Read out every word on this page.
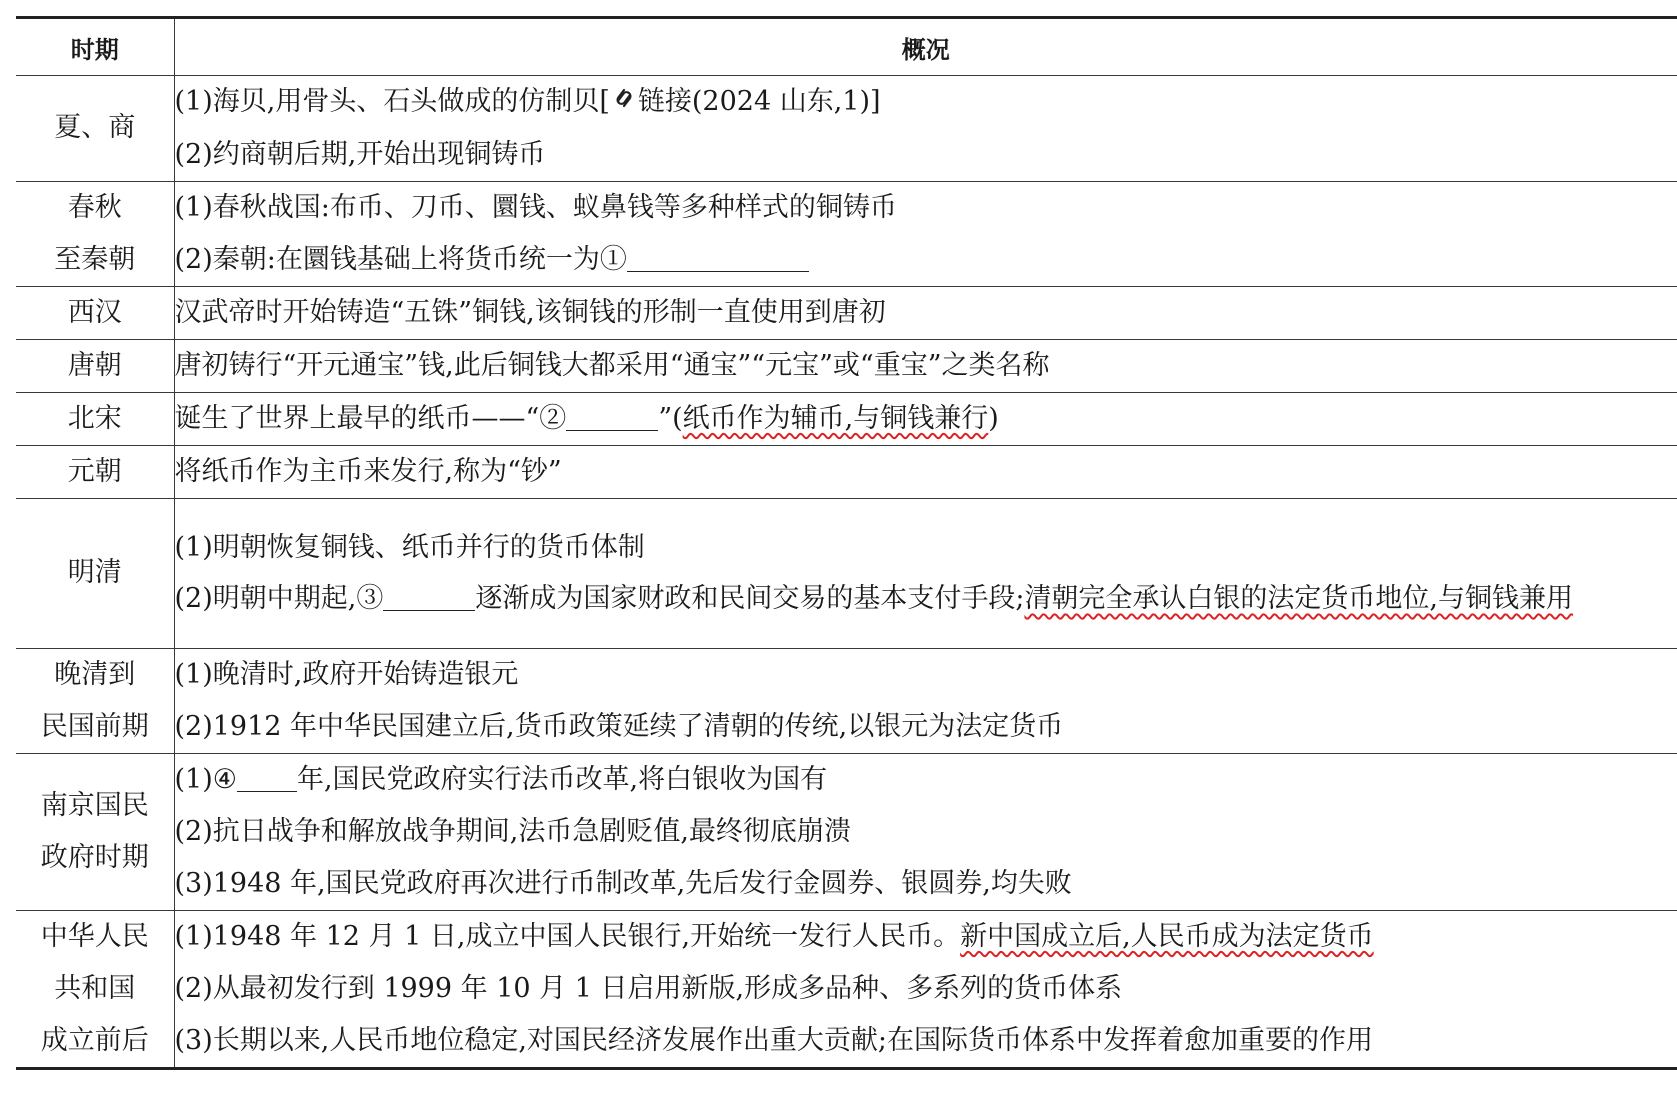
时期	概况

夏、商	(1)海贝,用骨头、石头做成的仿制贝[ 链接(2024 山东,1)]
(2)约商朝后期,开始出现铜铸币

春秋
至秦朝	(1)春秋战国:布币、刀币、圜钱、蚁鼻钱等多种样式的铜铸币
(2)秦朝:在圜钱基础上将货币统一为①

西汉	汉武帝时开始铸造“五铢”铜钱,该铜钱的形制一直使用到唐初

唐朝	唐初铸行“开元通宝”钱,此后铜钱大都采用“通宝”“元宝”或“重宝”之类名称

北宋	诞生了世界上最早的纸币——“② ”(纸币作为辅币,与铜钱兼行)

元朝	将纸币作为主币来发行,称为“钞”

明清	(1)明朝恢复铜钱、纸币并行的货币体制
(2)明朝中期起,③ 逐渐成为国家财政和民间交易的基本支付手段;清朝完全承认白银的法定货币地位,与铜钱兼用

晚清到
民国前期	(1)晚清时,政府开始铸造银元
(2)1912 年中华民国建立后,货币政策延续了清朝的传统,以银元为法定货币

南京国民
政府时期	(1)④ 年,国民党政府实行法币改革,将白银收为国有
(2)抗日战争和解放战争期间,法币急剧贬值,最终彻底崩溃
(3)1948 年,国民党政府再次进行币制改革,先后发行金圆券、银圆券,均失败

中华人民
共和国
成立前后	(1)1948 年 12 月 1 日,成立中国人民银行,开始统一发行人民币。新中国成立后,人民币成为法定货币
(2)从最初发行到 1999 年 10 月 1 日启用新版,形成多品种、多系列的货币体系
(3)长期以来,人民币地位稳定,对国民经济发展作出重大贡献;在国际货币体系中发挥着愈加重要的作用
